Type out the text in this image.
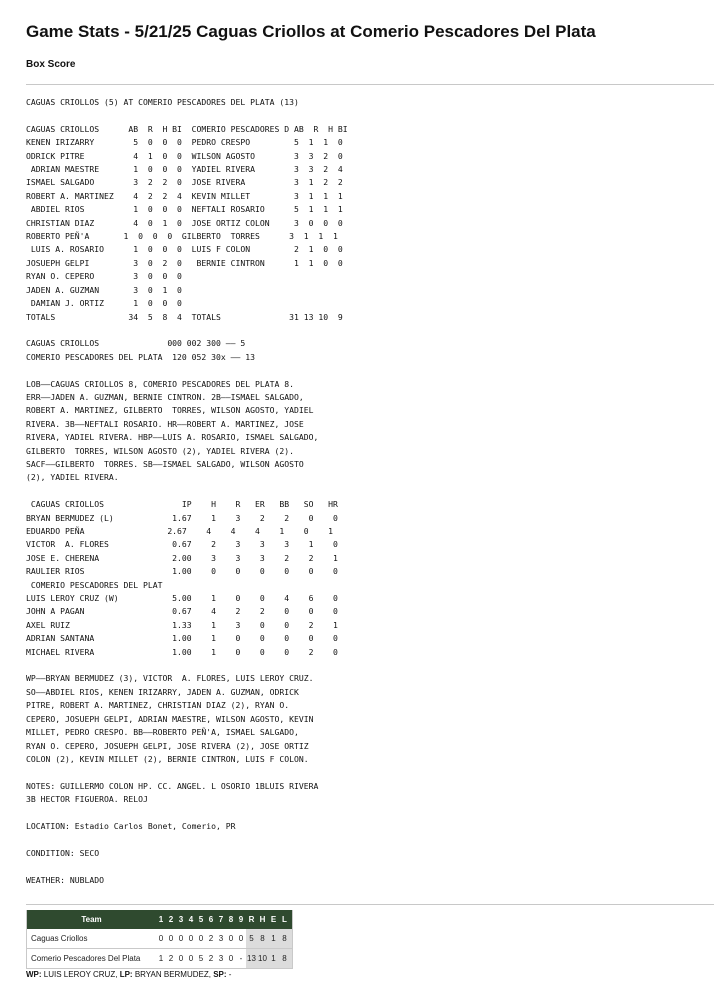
Game Stats - 5/21/25 Caguas Criollos at Comerio Pescadores Del Plata
Box Score
CAGUAS CRIOLLOS (5) AT COMERIO PESCADORES DEL PLATA (13)

CAGUAS CRIOLLOS      AB  R  H BI  COMERIO PESCADORES D AB  R  H BI
KENEN IRIZARRY        5  0  0  0  PEDRO CRESPO         5  1  1  0
ODRICK PITRE          4  1  0  0  WILSON AGOSTO        3  3  2  0
ADRIAN MAESTRE       1  0  0  0  YADIEL RIVERA        3  3  2  4
ISMAEL SALGADO        3  2  2  0  JOSE RIVERA          3  1  2  2
ROBERT A. MARTINEZ    4  2  2  4  KEVIN MILLET         3  1  1  1
ABDIEL RIOS          1  0  0  0  NEFTALI ROSARIO      5  1  1  1
CHRISTIAN DIAZ        4  0  1  0  JOSE ORTIZ COLON     3  0  0  0
ROBERTO PEÑ'A       1  0  0  0  GILBERTO  TORRES      3  1  1  1
LUIS A. ROSARIO      1  0  0  0  LUIS F COLON         2  1  0  0
JOSUEPH GELPI         3  0  2  0   BERNIE CINTRON      1  1  0  0
RYAN O. CEPERO        3  0  0  0
JADEN A. GUZMAN       3  0  1  0
DAMIAN J. ORTIZ      1  0  0  0
TOTALS               34  5  8  4  TOTALS              31 13 10  9

CAGUAS CRIOLLOS              000 002 300 —— 5
COMERIO PESCADORES DEL PLATA  120 052 30x —— 13

LOB——CAGUAS CRIOLLOS 8, COMERIO PESCADORES DEL PLATA 8.
ERR——JADEN A. GUZMAN, BERNIE CINTRON. 2B——ISMAEL SALGADO,
ROBERT A. MARTINEZ, GILBERTO  TORRES, WILSON AGOSTO, YADIEL
RIVERA. 3B——NEFTALI ROSARIO. HR——ROBERT A. MARTINEZ, JOSE
RIVERA, YADIEL RIVERA. HBP——LUIS A. ROSARIO, ISMAEL SALGADO,
GILBERTO  TORRES, WILSON AGOSTO (2), YADIEL RIVERA (2).
SACF——GILBERTO  TORRES. SB——ISMAEL SALGADO, WILSON AGOSTO
(2), YADIEL RIVERA.

CAGUAS CRIOLLOS                IP    H    R   ER   BB   SO   HR
BRYAN BERMUDEZ (L)            1.67    1    3    2    2    0    0
EDUARDO PEÑA                 2.67    4    4    4    1    0    1
VICTOR  A. FLORES             0.67    2    3    3    3    1    0
JOSE E. CHERENA               2.00    3    3    3    2    2    1
RAULIER RIOS                  1.00    0    0    0    0    0    0
COMERIO PESCADORES DEL PLAT
LUIS LEROY CRUZ (W)           5.00    1    0    0    4    6    0
JOHN A PAGAN                  0.67    4    2    2    0    0    0
AXEL RUIZ                     1.33    1    3    0    0    2    1
ADRIAN SANTANA                1.00    1    0    0    0    0    0
MICHAEL RIVERA                1.00    1    0    0    0    2    0

WP——BRYAN BERMUDEZ (3), VICTOR  A. FLORES, LUIS LEROY CRUZ.
SO——ABDIEL RIOS, KENEN IRIZARRY, JADEN A. GUZMAN, ODRICK
PITRE, ROBERT A. MARTINEZ, CHRISTIAN DIAZ (2), RYAN O.
CEPERO, JOSUEPH GELPI, ADRIAN MAESTRE, WILSON AGOSTO, KEVIN
MILLET, PEDRO CRESPO. BB——ROBERTO PEÑ'A, ISMAEL SALGADO,
RYAN O. CEPERO, JOSUEPH GELPI, JOSE RIVERA (2), JOSE ORTIZ
COLON (2), KEVIN MILLET (2), BERNIE CINTRON, LUIS F COLON.

NOTES: GUILLERMO COLON HP. CC. ANGEL. L OSORIO 1BLUIS RIVERA
3B HECTOR FIGUEROA. RELOJ

LOCATION: Estadio Carlos Bonet, Comerio, PR

CONDITION: SECO

WEATHER: NUBLADO

Team	1	2	3	4	5	6	7	8	9	R	H	E	L
Caguas Criollos	0	0	0	0	0	2	3	0	0	5	8	1	8
Comerio Pescadores Del Plata	1	2	0	0	5	2	3	0	-	13	10	1	8

WP: LUIS LEROY CRUZ, LP: BRYAN BERMUDEZ, SP: -
